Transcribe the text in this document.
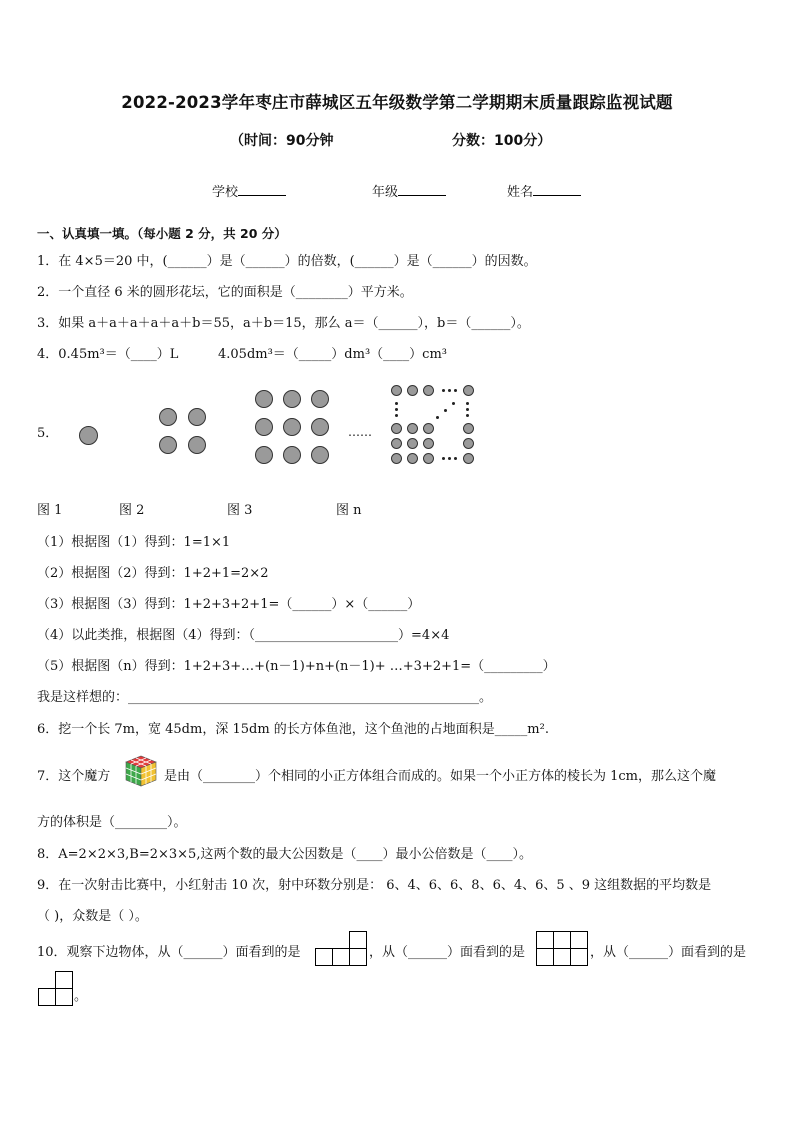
2022-2023学年枣庄市薛城区五年级数学第二学期期末质量跟踪监视试题
（时间：90分钟	分数：100分）
学校	年级	姓名
一、认真填一填。（每小题 2 分，共 20 分）
1．在 4×5＝20 中，(______）是（______）的倍数，(______）是（______）的因数。
2．一个直径 6 米的圆形花坛，它的面积是（________）平方米。
3．如果 a＋a＋a＋a＋a＋b＝55，a＋b＝15，那么 a＝（______），b＝（______）。
4．0.45m³＝（____）L	4.05dm³＝（_____）dm³（____）cm³
5．	……
图 1	图 2	图 3	图 n
（1）根据图（1）得到：1=1×1
（2）根据图（2）得到：1+2+1=2×2
（3）根据图（3）得到：1+2+3+2+1=（______）×（______）
（4）以此类推，根据图（4）得到：（______________________）=4×4
（5）根据图（n）得到：1+2+3+…+(n－1)+n+(n－1)+ …+3+2+1=（_________）
我是这样想的：______________________________________________________。
6．挖一个长 7m，宽 45dm，深 15dm 的长方体鱼池，这个鱼池的占地面积是_____m².
7．这个魔方	是由（________）个相同的小正方体组合而成的。如果一个小正方体的棱长为 1cm，那么这个魔
方的体积是（________）。
8．A=2×2×3,B=2×3×5,这两个数的最大公因数是（____）最小公倍数是（____）。
9．在一次射击比赛中，小红射击 10 次，射中环数分别是： 6、4、6、6、8、6、4、6、5 、9 这组数据的平均数是
（ )，众数是（ ）。
10．观察下边物体，从（______）面看到的是

			，从（______）面看到的是

			，从（______）面看到的是

。
